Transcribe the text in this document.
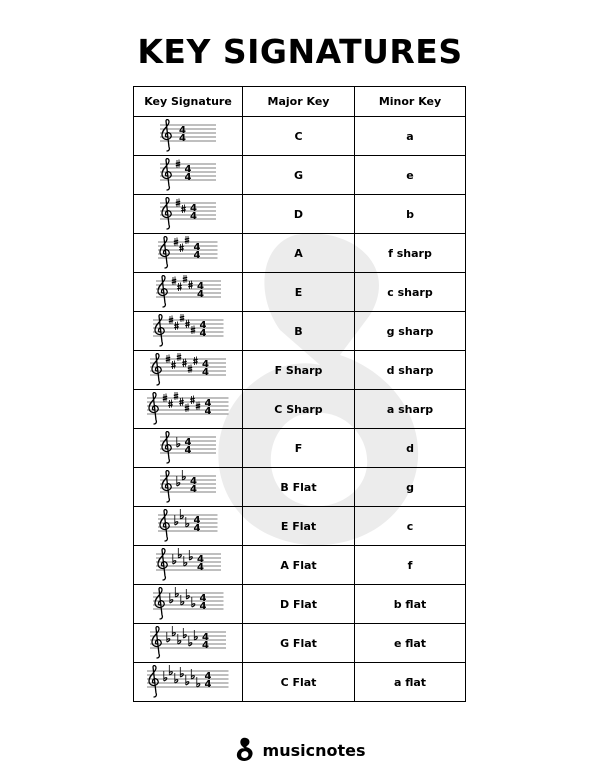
KEY SIGNATURES
Key Signature	Major Key	Minor Key

4
4	C	a

4
4	G	e

4
4	D	b

4
4	A	f sharp

4
4	E	c sharp

4
4	B	g sharp

4
4	F Sharp	d sharp

4
4	C Sharp	a sharp

4
4	F	d

4
4	B Flat	g

4
4	E Flat	c

4
4	A Flat	f

4
4	D Flat	b flat

4
4	G Flat	e flat

4
4	C Flat	a flat
musicnotes
